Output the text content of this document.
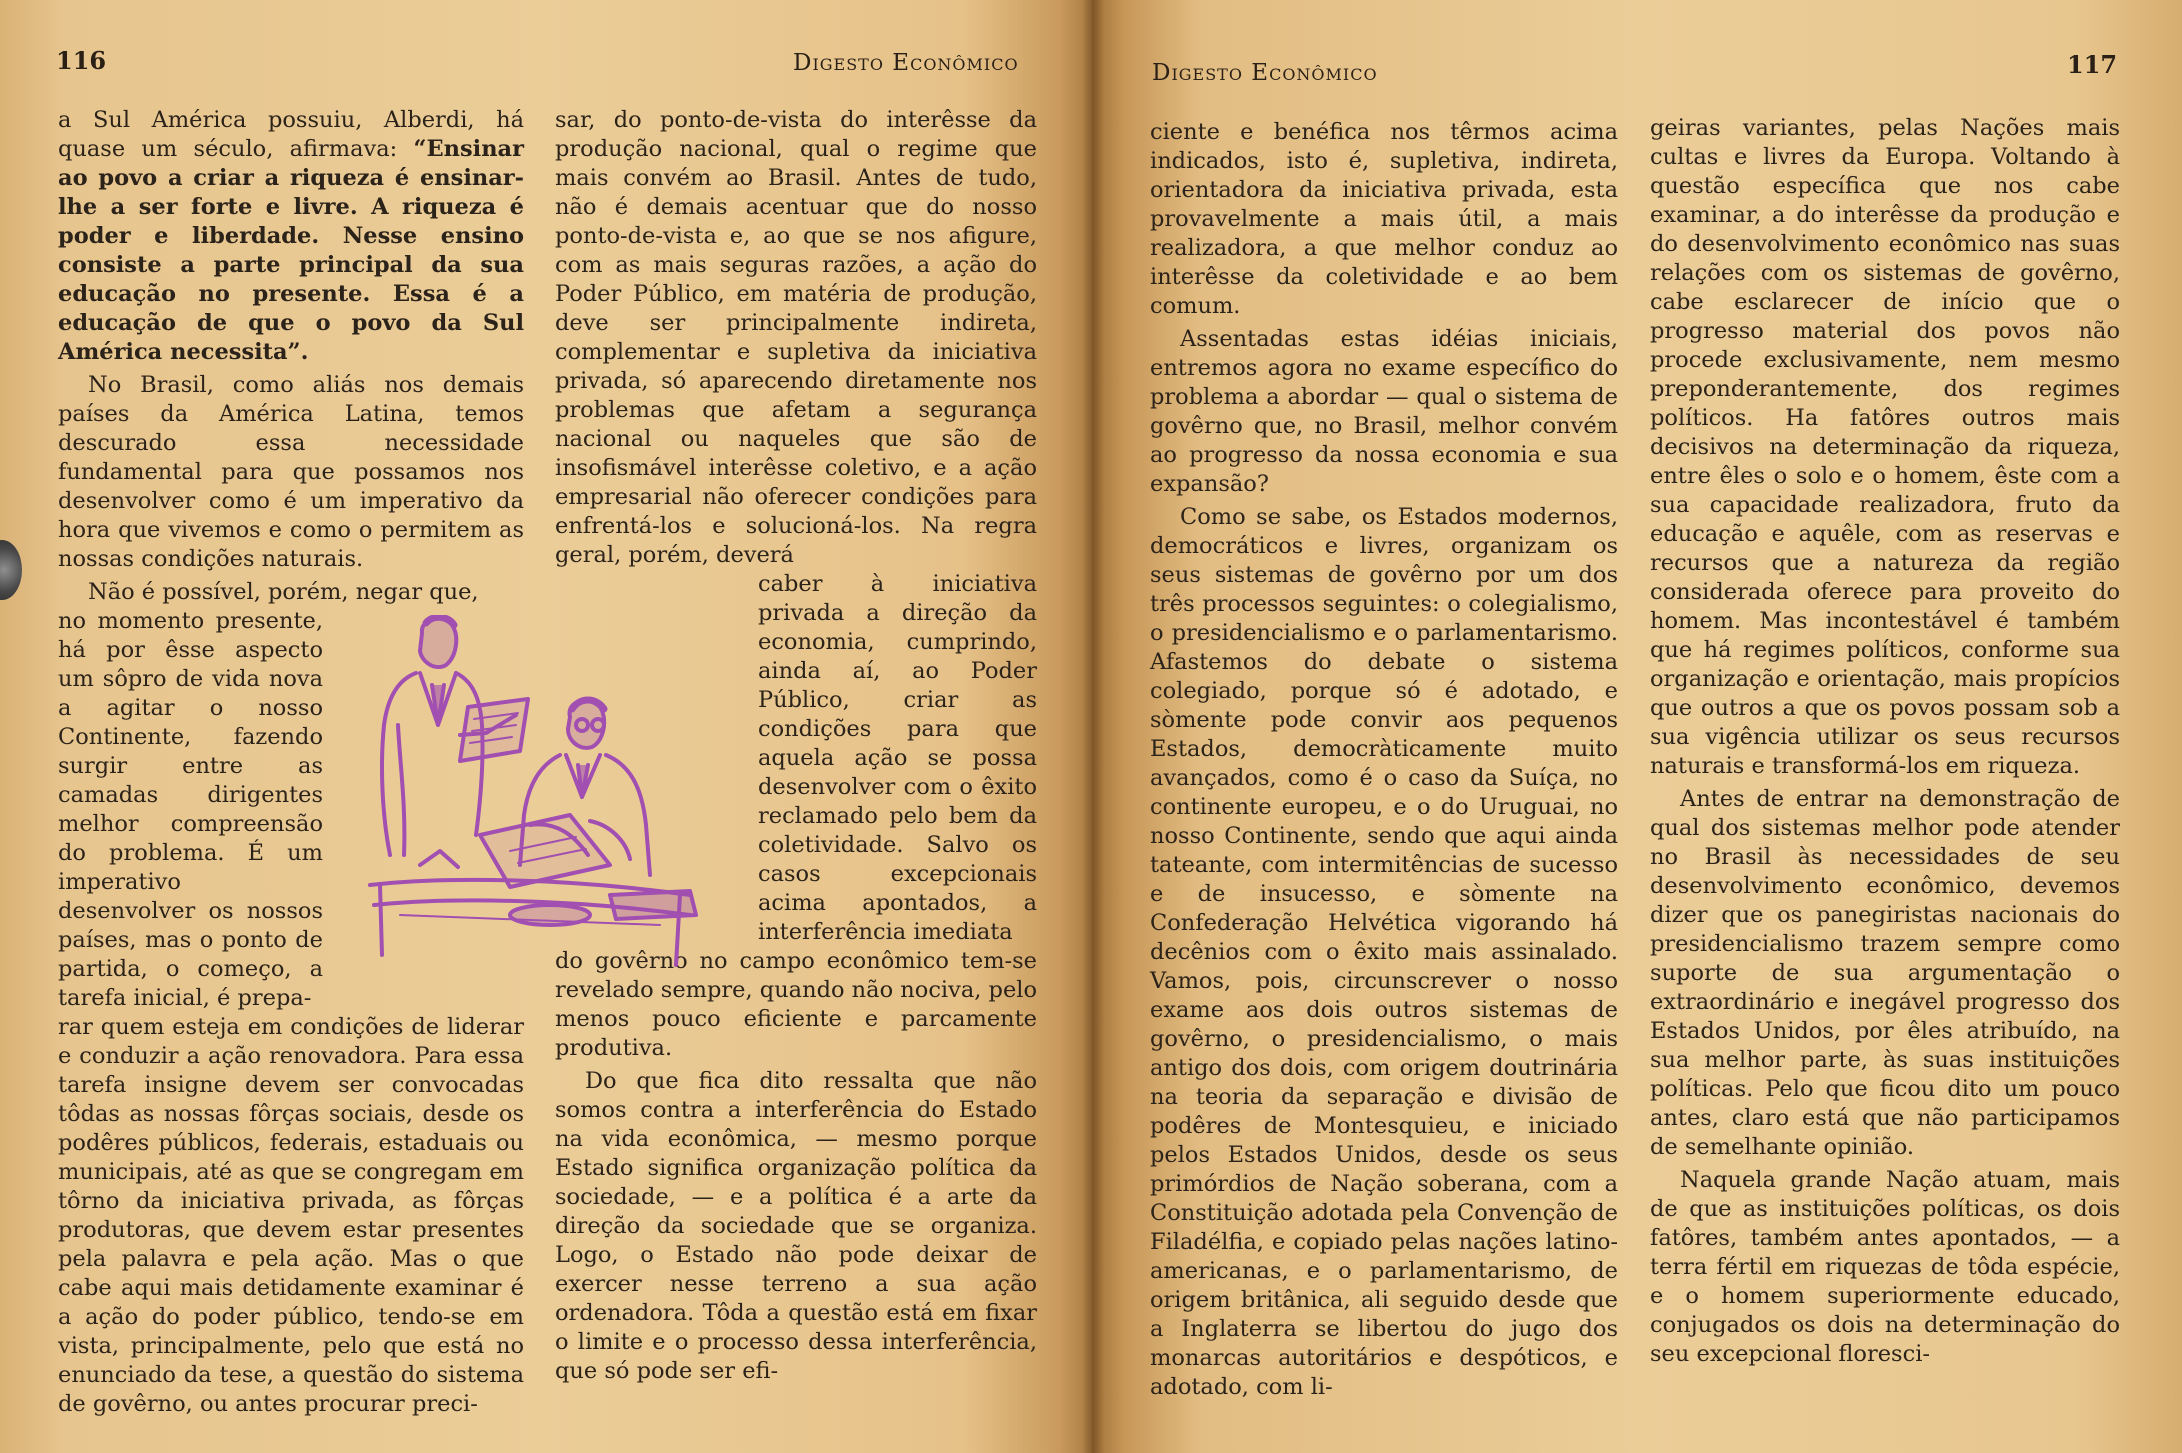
116	Digesto Econômico

a Sul América possuiu, Alberdi, há quase um século, afirmava: “Ensinar ao povo a criar a riqueza é ensinar-lhe a ser forte e livre. A riqueza é poder e liberdade. Nesse ensino consiste a parte principal da sua educação no presente. Essa é a educação de que o povo da Sul América necessita”.

No Brasil, como aliás nos demais países da América Latina, temos descurado essa necessidade fundamental para que possamos nos desenvolver como é um imperativo da hora que vivemos e como o permitem as nossas condições naturais.

Não é possível, porém, negar que,

no momento presente, há por êsse aspecto um sôpro de vida nova a agitar o nosso Continente, fazendo surgir entre as camadas dirigentes melhor compreensão do problema. É um imperativo desenvolver os nossos países, mas o ponto de partida, o começo, a tarefa inicial, é prepa-
rar quem esteja em condições de liderar e conduzir a ação renovadora. Para essa tarefa insigne devem ser convocadas tôdas as nossas fôrças sociais, desde os podêres públicos, federais, estaduais ou municipais, até as que se congregam em tôrno da iniciativa privada, as fôrças produtoras, que devem estar presentes pela palavra e pela ação. Mas o que cabe aqui mais detidamente examinar é a ação do poder público, tendo-se em vista, principalmente, pelo que está no enunciado da tese, a questão do sistema de govêrno, ou antes procurar preci-

sar, do ponto-de-vista do interêsse da produção nacional, qual o regime que mais convém ao Brasil. Antes de tudo, não é demais acentuar que do nosso ponto-de-vista e, ao que se nos afigure, com as mais seguras razões, a ação do Poder Público, em matéria de produção, deve ser principalmente indireta, complementar e supletiva da iniciativa privada, só aparecendo diretamente nos problemas que afetam a segurança nacional ou naqueles que são de insofismável interêsse coletivo, e a ação empresarial não oferecer condições para enfrentá-los e solucioná-los. Na regra geral, porém, deverá

caber à iniciativa privada a direção da economia, cumprindo, ainda aí, ao Poder Público, criar as condições para que aquela ação se possa desenvolver com o êxito reclamado pelo bem da coletividade. Salvo os casos excepcionais acima apontados, a interferência imediata
do govêrno no campo econômico tem-se revelado sempre, quando não nociva, pelo menos pouco eficiente e parcamente produtiva.

Do que fica dito ressalta que não somos contra a interferência do Estado na vida econômica, — mesmo porque Estado significa organização política da sociedade, — e a política é a arte da direção da sociedade que se organiza. Logo, o Estado não pode deixar de exercer nesse terreno a sua ação ordenadora. Tôda a questão está em fixar o limite e o processo dessa interferência, que só pode ser efi-

Digesto Econômico	117

ciente e benéfica nos têrmos acima indicados, isto é, supletiva, indireta, orientadora da iniciativa privada, esta provavelmente a mais útil, a mais realizadora, a que melhor conduz ao interêsse da coletividade e ao bem comum.

Assentadas estas idéias iniciais, entremos agora no exame específico do problema a abordar — qual o sistema de govêrno que, no Brasil, melhor convém ao progresso da nossa economia e sua expansão?

Como se sabe, os Estados modernos, democráticos e livres, organizam os seus sistemas de govêrno por um dos três processos seguintes: o colegialismo, o presidencialismo e o parlamentarismo. Afastemos do debate o sistema colegiado, porque só é adotado, e sòmente pode convir aos pequenos Estados, democràticamente muito avançados, como é o caso da Suíça, no continente europeu, e o do Uruguai, no nosso Continente, sendo que aqui ainda tateante, com intermitências de sucesso e de insucesso, e sòmente na Confederação Helvética vigorando há decênios com o êxito mais assinalado. Vamos, pois, circunscrever o nosso exame aos dois outros sistemas de govêrno, o presidencialismo, o mais antigo dos dois, com origem doutrinária na teoria da separação e divisão de podêres de Montesquieu, e iniciado pelos Estados Unidos, desde os seus primórdios de Nação soberana, com a Constituição adotada pela Convenção de Filadélfia, e copiado pelas nações latino-americanas, e o parlamentarismo, de origem britânica, ali seguido desde que a Inglaterra se libertou do jugo dos monarcas autoritários e despóticos, e adotado, com li-

geiras variantes, pelas Nações mais cultas e livres da Europa. Voltando à questão específica que nos cabe examinar, a do interêsse da produção e do desenvolvimento econômico nas suas relações com os sistemas de govêrno, cabe esclarecer de início que o progresso material dos povos não procede exclusivamente, nem mesmo preponderantemente, dos regimes políticos. Ha fatôres outros mais decisivos na determinação da riqueza, entre êles o solo e o homem, êste com a sua capacidade realizadora, fruto da educação e aquêle, com as reservas e recursos que a natureza da região considerada oferece para proveito do homem. Mas incontestável é também que há regimes políticos, conforme sua organização e orientação, mais propícios que outros a que os povos possam sob a sua vigência utilizar os seus recursos naturais e transformá-los em riqueza.

Antes de entrar na demonstração de qual dos sistemas melhor pode atender no Brasil às necessidades de seu desenvolvimento econômico, devemos dizer que os panegiristas nacionais do presidencialismo trazem sempre como suporte de sua argumentação o extraordinário e inegável progresso dos Estados Unidos, por êles atribuído, na sua melhor parte, às suas instituições políticas. Pelo que ficou dito um pouco antes, claro está que não participamos de semelhante opinião.

Naquela grande Nação atuam, mais de que as instituições políticas, os dois fatôres, também antes apontados, — a terra fértil em riquezas de tôda espécie, e o homem superiormente educado, conjugados os dois na determinação do seu excepcional floresci-
